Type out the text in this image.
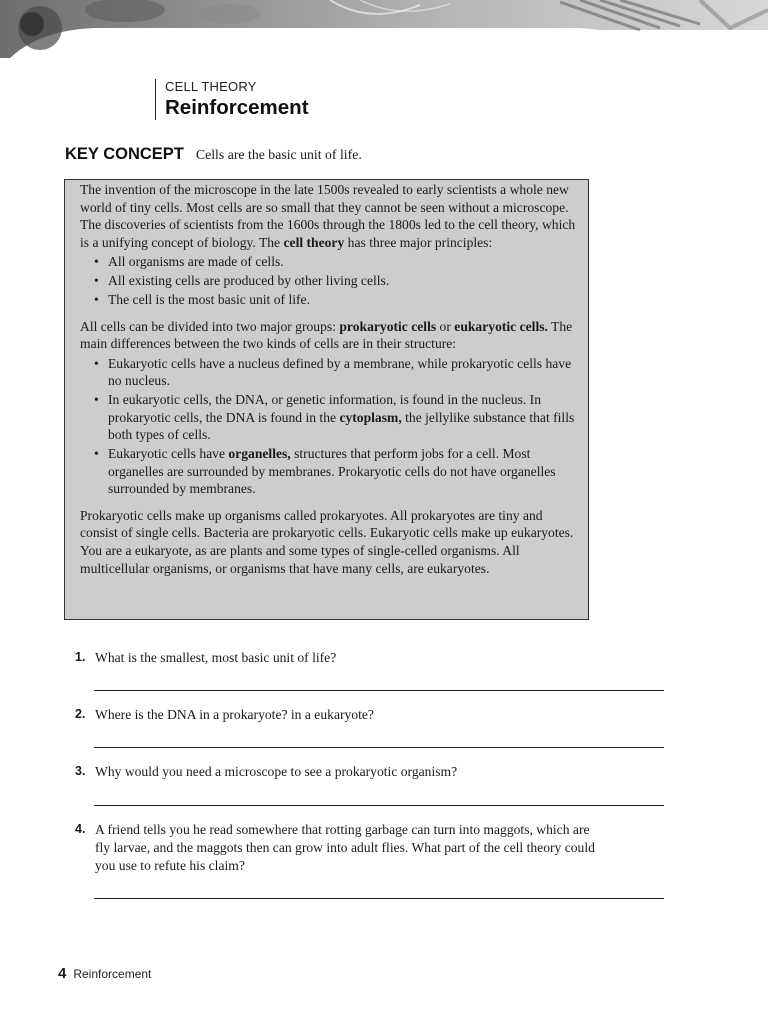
CELL THEORY
Reinforcement
KEY CONCEPT Cells are the basic unit of life.

The invention of the microscope in the late 1500s revealed to early scientists a whole new world of tiny cells. Most cells are so small that they cannot be seen without a microscope. The discoveries of scientists from the 1600s through the 1800s led to the cell theory, which is a unifying concept of biology. The cell theory has three major principles:

• All organisms are made of cells.
• All existing cells are produced by other living cells.
• The cell is the most basic unit of life.

All cells can be divided into two major groups: prokaryotic cells or eukaryotic cells. The main differences between the two kinds of cells are in their structure:

• Eukaryotic cells have a nucleus defined by a membrane, while prokaryotic cells have no nucleus.
• In eukaryotic cells, the DNA, or genetic information, is found in the nucleus. In prokaryotic cells, the DNA is found in the cytoplasm, the jellylike substance that fills both types of cells.
• Eukaryotic cells have organelles, structures that perform jobs for a cell. Most organelles are surrounded by membranes. Prokaryotic cells do not have organelles surrounded by membranes.

Prokaryotic cells make up organisms called prokaryotes. All prokaryotes are tiny and consist of single cells. Bacteria are prokaryotic cells. Eukaryotic cells make up eukaryotes. You are a eukaryote, as are plants and some types of single-celled organisms. All multicellular organisms, or organisms that have many cells, are eukaryotes.

1. What is the smallest, most basic unit of life?
2. Where is the DNA in a prokaryote? in a eukaryote?
3. Why would you need a microscope to see a prokaryotic organism?
4. A friend tells you he read somewhere that rotting garbage can turn into maggots, which are fly larvae, and the maggots then can grow into adult flies. What part of the cell theory could you use to refute his claim?
4 Reinforcement
